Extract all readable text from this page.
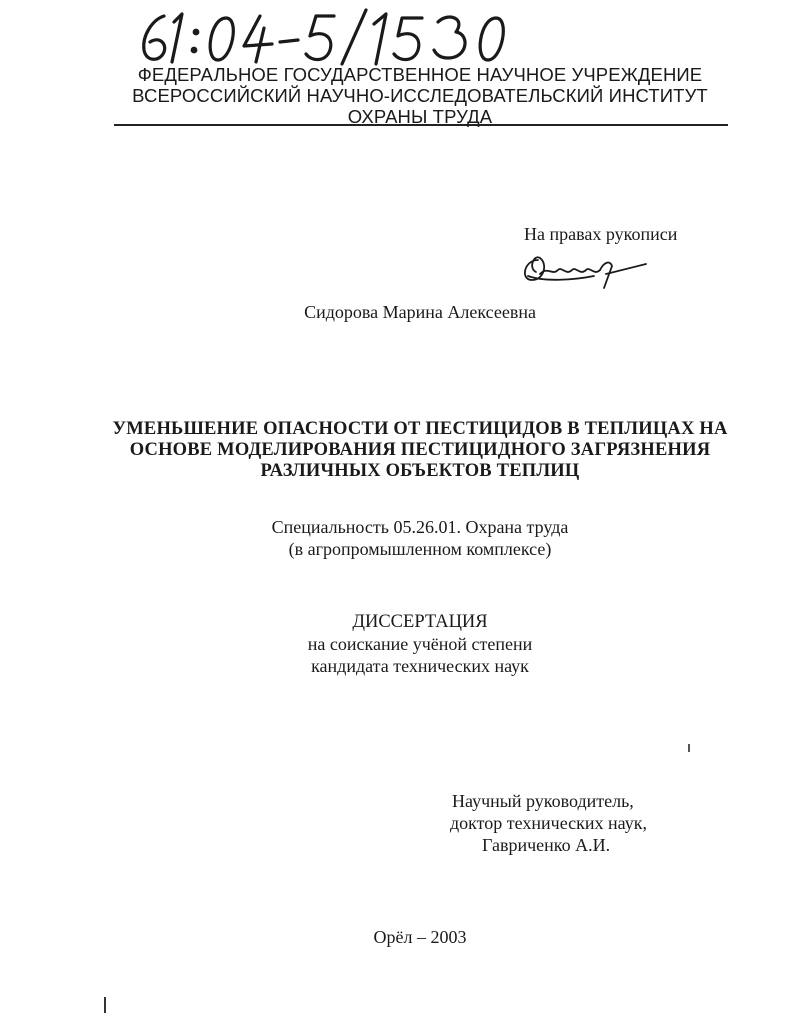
ФЕДЕРАЛЬНОЕ ГОСУДАРСТВЕННОЕ НАУЧНОЕ УЧРЕЖДЕНИЕ
ВСЕРОССИЙСКИЙ НАУЧНО-ИССЛЕДОВАТЕЛЬСКИЙ ИНСТИТУТ
ОХРАНЫ ТРУДА
На правах рукописи
Сидорова Марина Алексеевна
УМЕНЬШЕНИЕ ОПАСНОСТИ ОТ ПЕСТИЦИДОВ В ТЕПЛИЦАХ НА
ОСНОВЕ МОДЕЛИРОВАНИЯ ПЕСТИЦИДНОГО ЗАГРЯЗНЕНИЯ
РАЗЛИЧНЫХ ОБЪЕКТОВ ТЕПЛИЦ
Специальность 05.26.01. Охрана труда
(в агропромышленном комплексе)
ДИССЕРТАЦИЯ
на соискание учёной степени
кандидата технических наук
Научный руководитель,
доктор технических наук,
Гавриченко А.И.
Орёл – 2003
